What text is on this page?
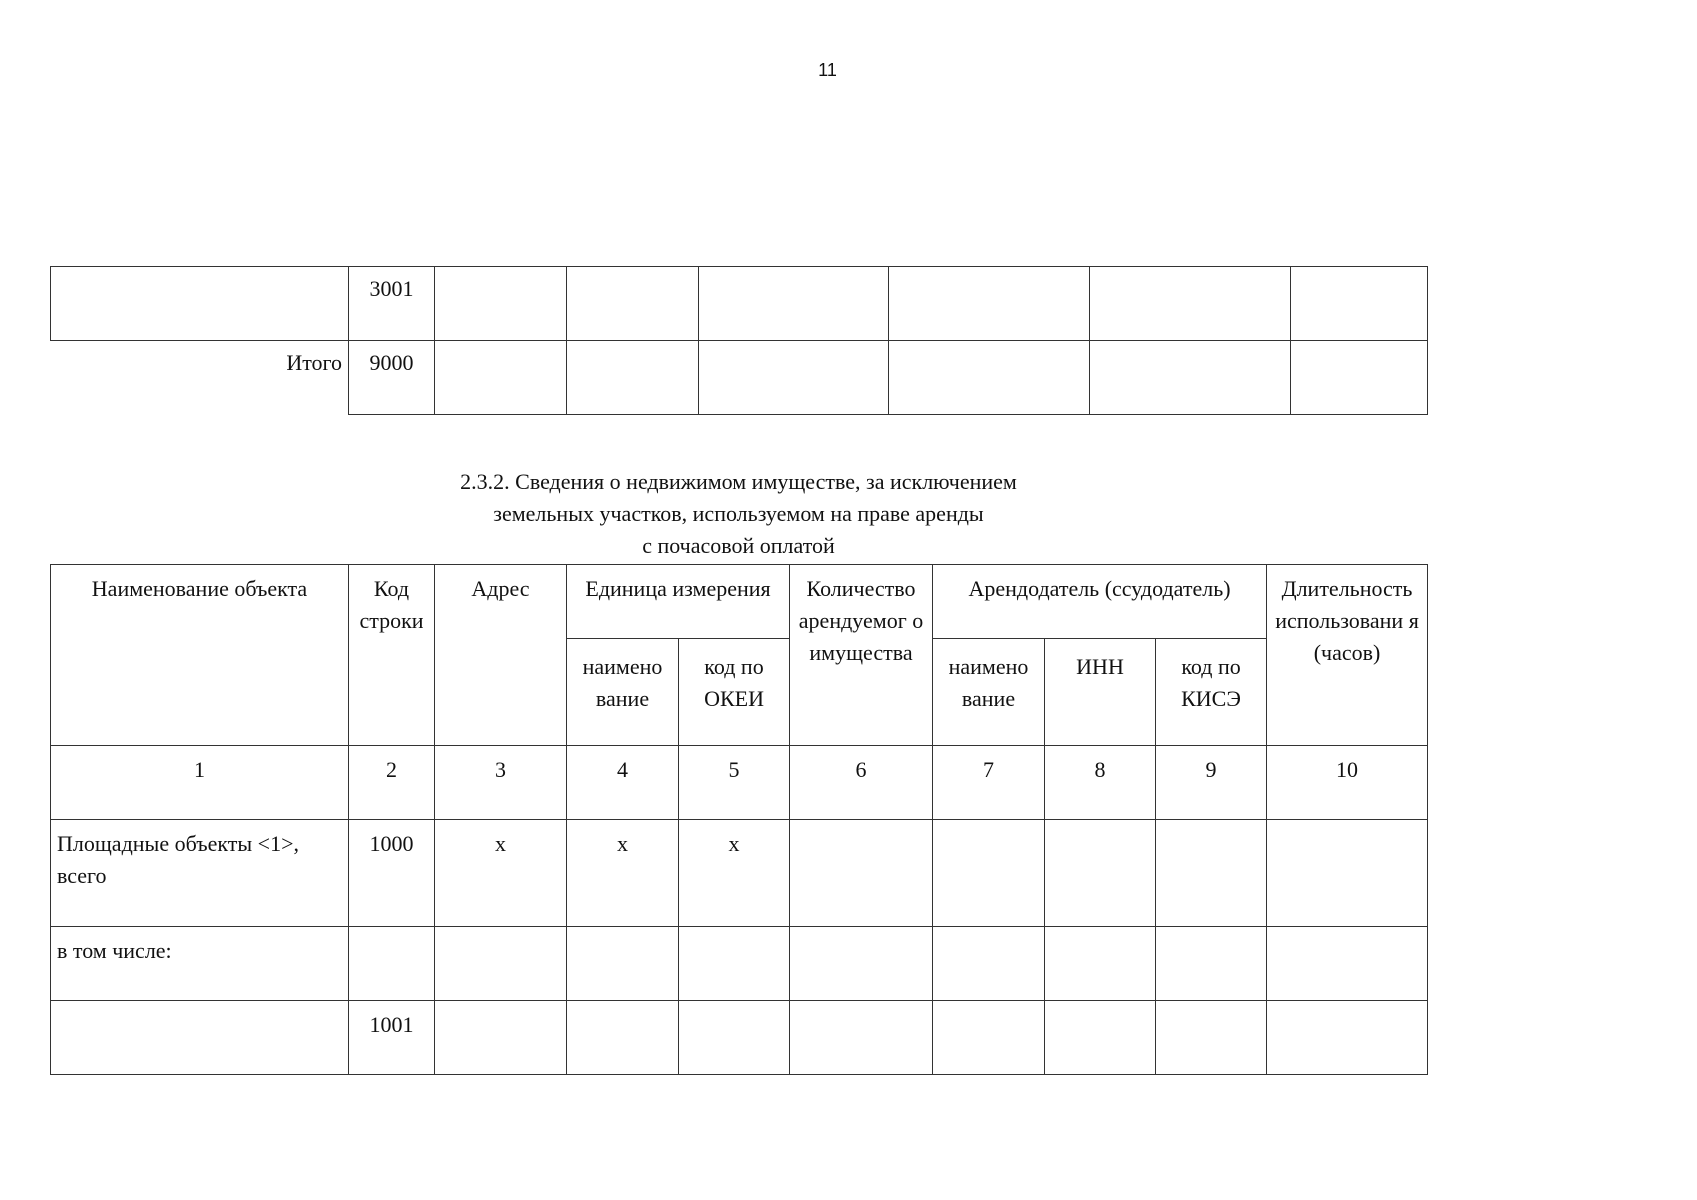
11
	3001						
Итого	9000						
2.3.2. Сведения о недвижимом имуществе, за исключением
земельных участков, используемом на праве аренды
с почасовой оплатой
Наименование объекта	Код строки	Адрес	Единица измерения		Количество арендуемог о имущества	Арендодатель (ссудодатель)			Длительность использовани я (часов)
			наимено вание	код по ОКЕИ		наимено вание	ИНН	код по КИСЭ	
1	2	3	4	5	6	7	8	9	10
Площадные объекты <1>, всего	1000	х	х	х					
в том числе:									
	1001								
